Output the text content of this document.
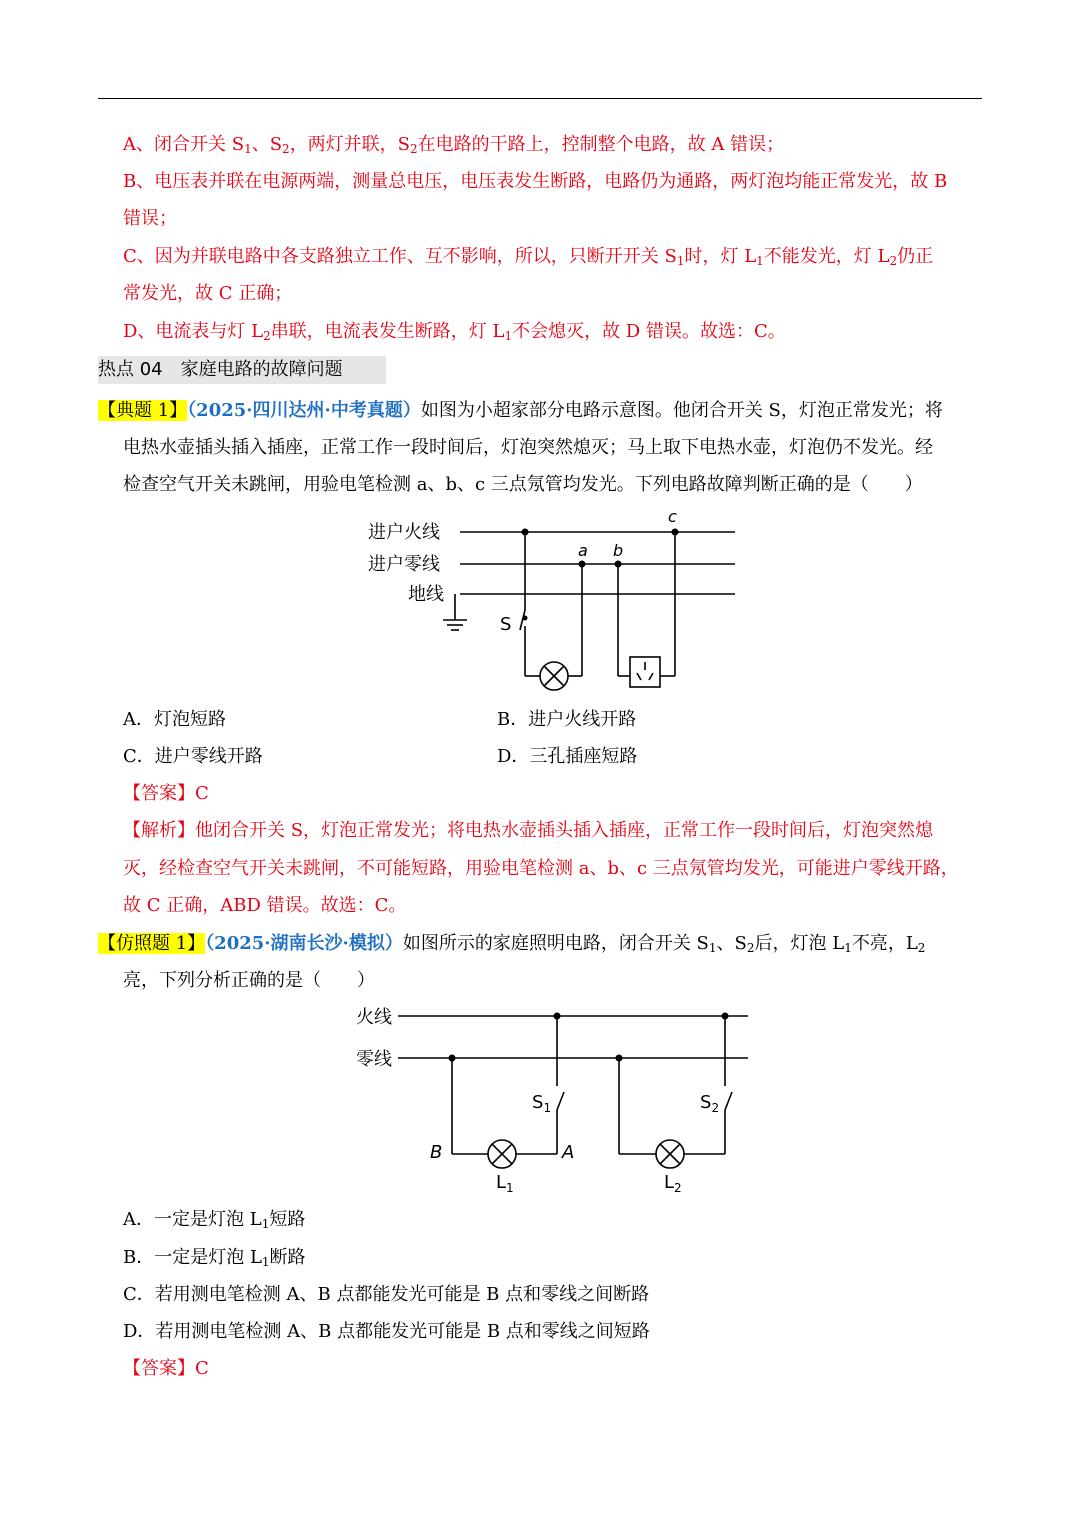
A、闭合开关 $S_1$、$S_2$，两灯并联，$S_2$在电路的干路上，控制整个电路，故 A 错误；
B、电压表并联在电源两端，测量总电压，电压表发生断路，电路仍为通路，两灯泡均能正常发光，故 B
错误；
C、因为并联电路中各支路独立工作、互不影响，所以，只断开开关 $S_1$时，灯 $L_1$不能发光，灯 $L_2$仍正
常发光，故 C 正确；
D、电流表与灯 $L_2$串联，电流表发生断路，灯 $L_1$不会熄灭，故 D 错误。故选：C。
热点 04　家庭电路的故障问题
【典题 1】（2025·四川达州·中考真题）如图为小超家部分电路示意图。他闭合开关 S，灯泡正常发光；将
电热水壶插头插入插座，正常工作一段时间后，灯泡突然熄灭；马上取下电热水壶，灯泡仍不发光。经
检查空气开关未跳闸，用验电笔检测 a、b、c 三点氖管均发光。下列电路故障判断正确的是（　　）
进户火线
进户零线
地线
a b
c
S
A．灯泡短路	B．进户火线开路
C．进户零线开路	D．三孔插座短路
【答案】C
【解析】他闭合开关 S，灯泡正常发光；将电热水壶插头插入插座，正常工作一段时间后，灯泡突然熄
灭，经检查空气开关未跳闸，不可能短路，用验电笔检测 a、b、c 三点氖管均发光，可能进户零线开路，
故 C 正确，ABD 错误。故选：C。
【仿照题 1】（2025·湖南长沙·模拟）如图所示的家庭照明电路，闭合开关 $S_1$、$S_2$后，灯泡 $L_1$不亮，$L_2$
亮，下列分析正确的是（　　）
火线
零线
$S_1$	$S_2$
B	A
$L_1$	$L_2$
A．一定是灯泡 $L_1$短路
B．一定是灯泡 $L_1$断路
C．若用测电笔检测 A、B 点都能发光可能是 B 点和零线之间断路
D．若用测电笔检测 A、B 点都能发光可能是 B 点和零线之间短路
【答案】C
